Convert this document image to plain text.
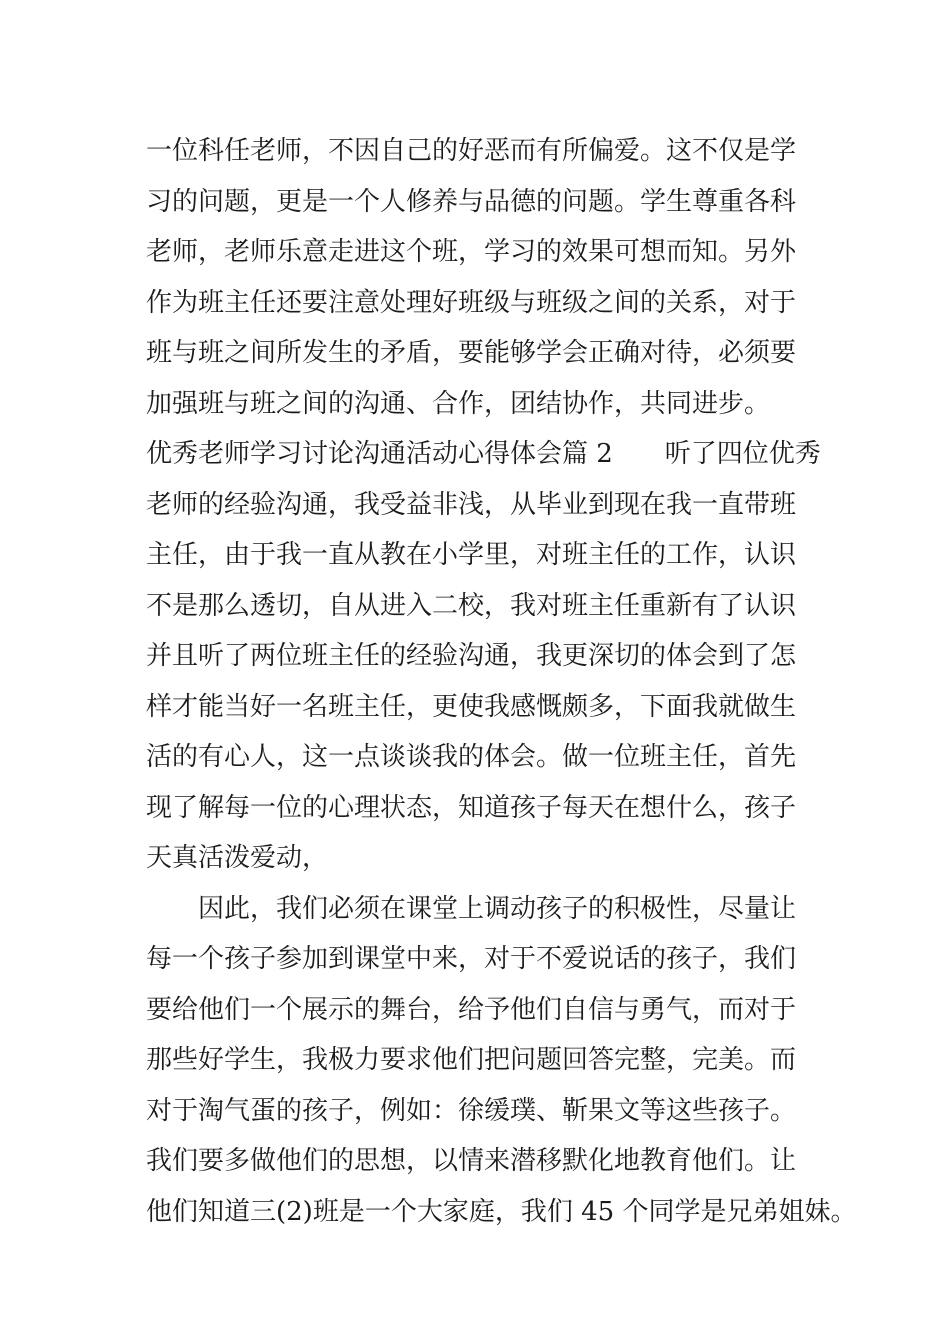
一位科任老师，不因自己的好恶而有所偏爱。这不仅是学
习的问题，更是一个人修养与品德的问题。学生尊重各科
老师，老师乐意走进这个班，学习的效果可想而知。另外
作为班主任还要注意处理好班级与班级之间的关系，对于
班与班之间所发生的矛盾，要能够学会正确对待，必须要
加强班与班之间的沟通、合作，团结协作，共同进步。
优秀老师学习讨论沟通活动心得体会篇 2　　听了四位优秀
老师的经验沟通，我受益非浅，从毕业到现在我一直带班
主任，由于我一直从教在小学里，对班主任的工作，认识
不是那么透切，自从进入二校，我对班主任重新有了认识
并且听了两位班主任的经验沟通，我更深切的体会到了怎
样才能当好一名班主任，更使我感慨颇多，下面我就做生
活的有心人，这一点谈谈我的体会。做一位班主任，首先
现了解每一位的心理状态，知道孩子每天在想什么，孩子
天真活泼爱动，
因此，我们必须在课堂上调动孩子的积极性，尽量让
每一个孩子参加到课堂中来，对于不爱说话的孩子，我们
要给他们一个展示的舞台，给予他们自信与勇气，而对于
那些好学生，我极力要求他们把问题回答完整，完美。而
对于淘气蛋的孩子，例如：徐缓璞、靳果文等这些孩子。
我们要多做他们的思想，以情来潜移默化地教育他们。让
他们知道三(2)班是一个大家庭，我们 45 个同学是兄弟姐妹。
